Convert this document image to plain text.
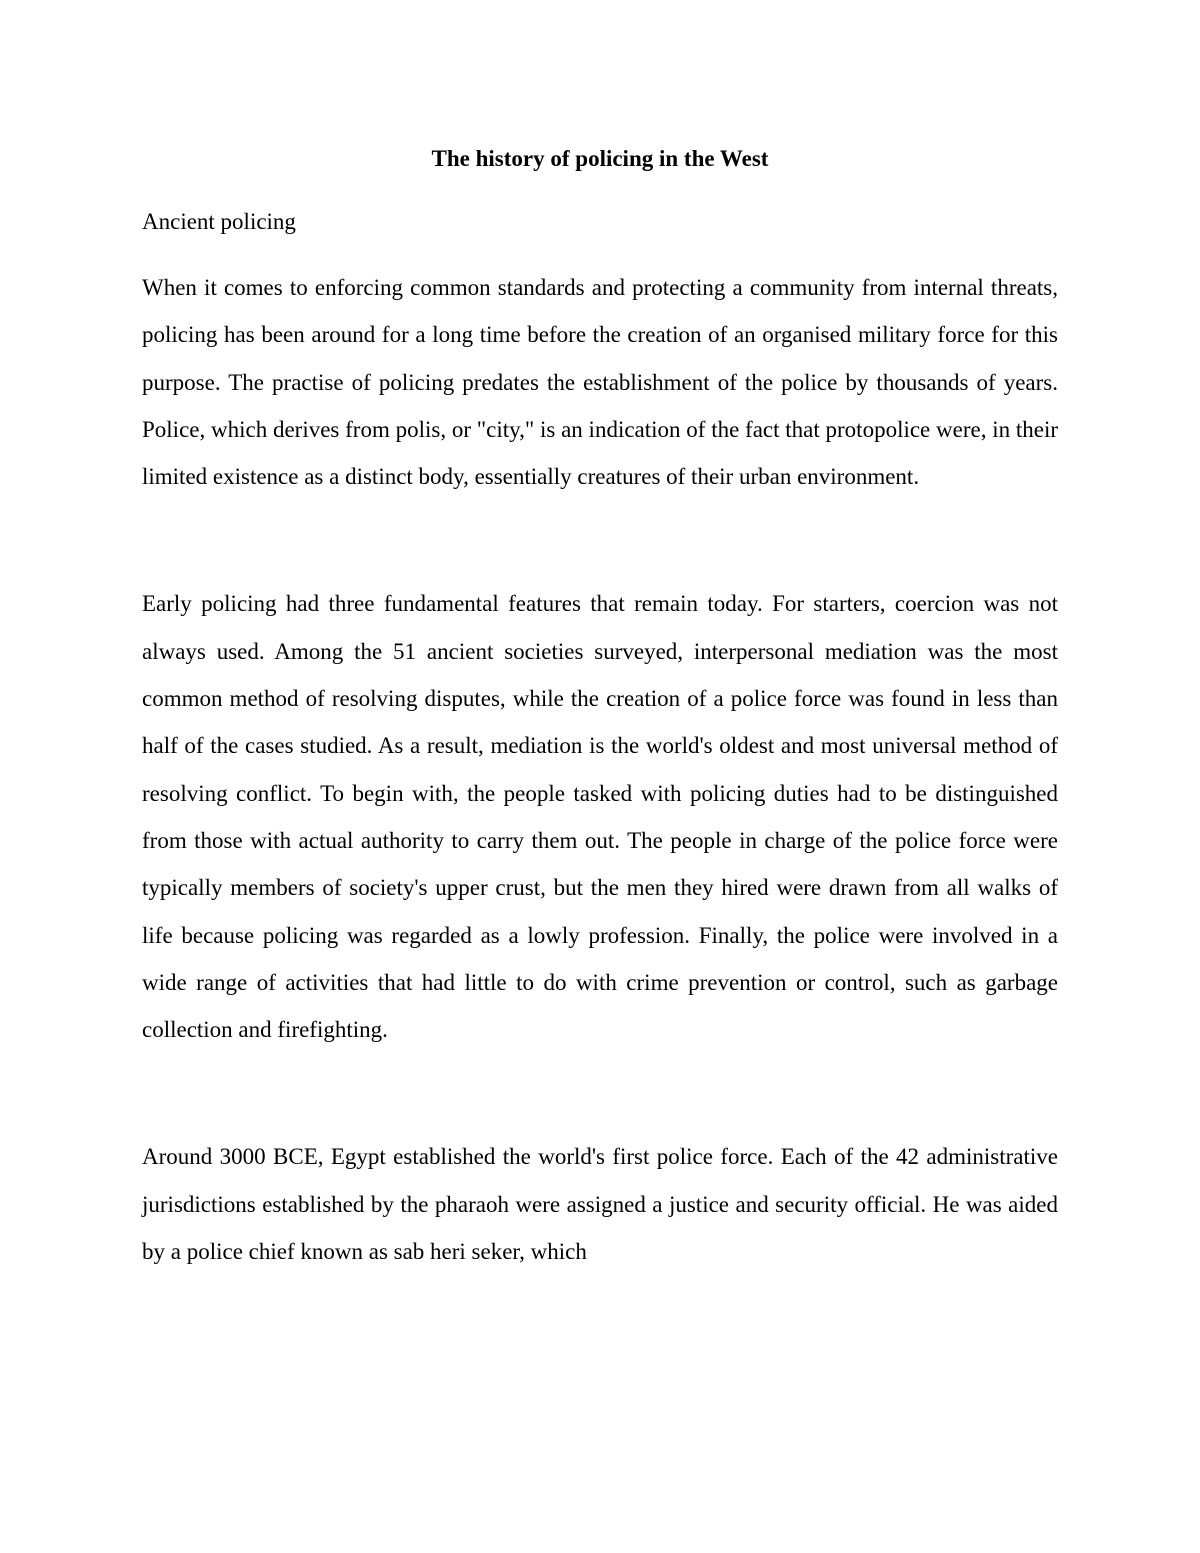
The history of policing in the West
Ancient policing

When it comes to enforcing common standards and protecting a community from internal threats, policing has been around for a long time before the creation of an organised military force for this purpose. The practise of policing predates the establishment of the police by thousands of years. Police, which derives from polis, or "city," is an indication of the fact that protopolice were, in their limited existence as a distinct body, essentially creatures of their urban environment.

Early policing had three fundamental features that remain today. For starters, coercion was not always used. Among the 51 ancient societies surveyed, interpersonal mediation was the most common method of resolving disputes, while the creation of a police force was found in less than half of the cases studied. As a result, mediation is the world's oldest and most universal method of resolving conflict. To begin with, the people tasked with policing duties had to be distinguished from those with actual authority to carry them out. The people in charge of the police force were typically members of society's upper crust, but the men they hired were drawn from all walks of life because policing was regarded as a lowly profession. Finally, the police were involved in a wide range of activities that had little to do with crime prevention or control, such as garbage collection and firefighting.

Around 3000 BCE, Egypt established the world's first police force. Each of the 42 administrative jurisdictions established by the pharaoh were assigned a justice and security official. He was aided by a police chief known as sab heri seker, which
